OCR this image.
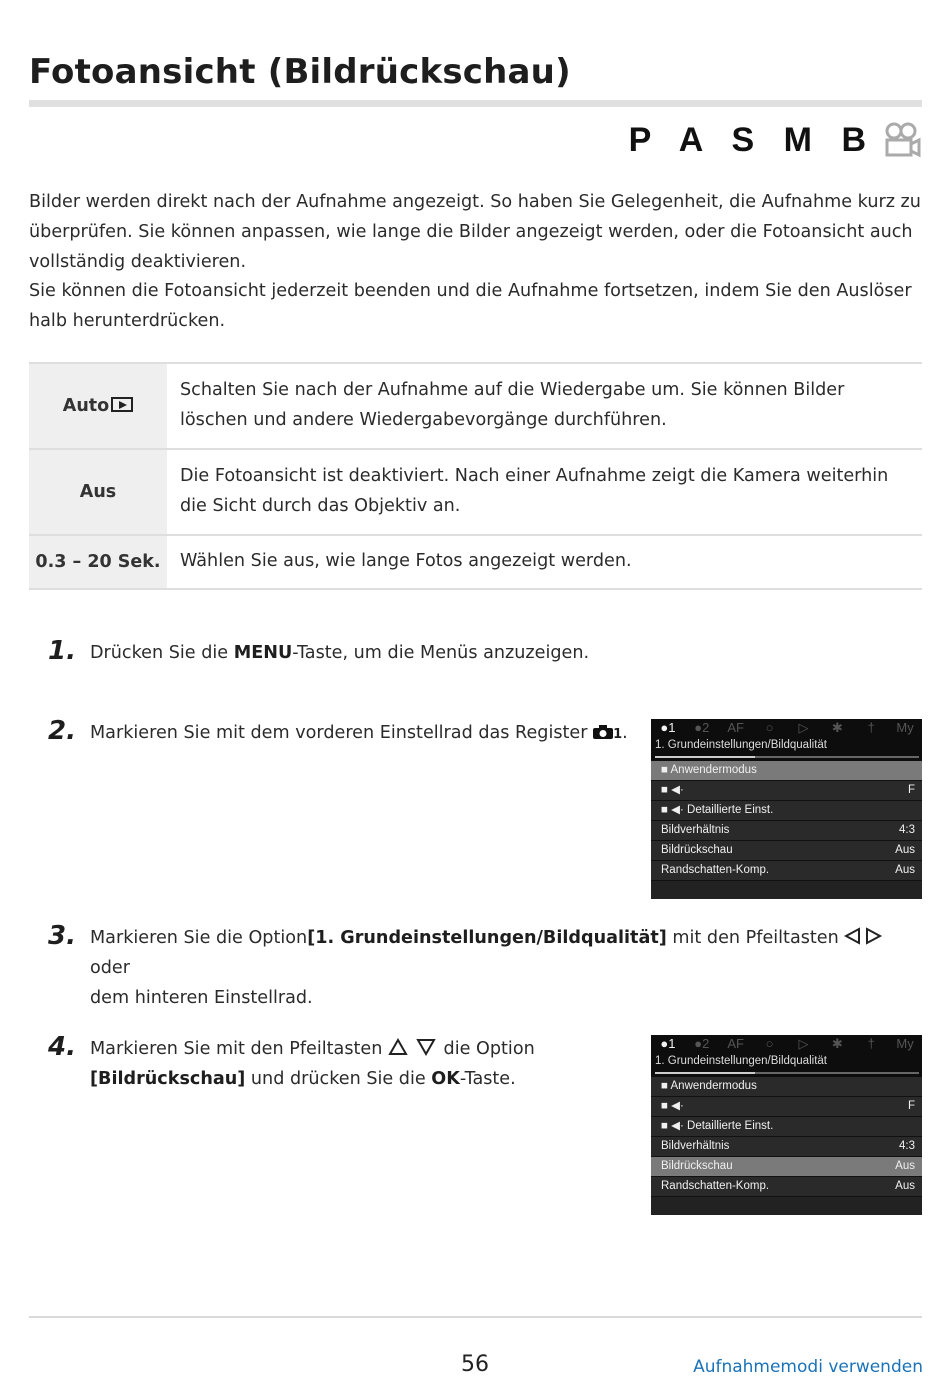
Fotoansicht (Bildrückschau)
P A S M B

Bilder werden direkt nach der Aufnahme angezeigt. So haben Sie Gelegenheit, die Aufnahme kurz zu überprüfen. Sie können anpassen, wie lange die Bilder angezeigt werden, oder die Fotoansicht auch vollständig deaktivieren.

Sie können die Fotoansicht jederzeit beenden und die Aufnahme fortsetzen, indem Sie den Auslöser halb herunterdrücken.

Auto	Schalten Sie nach der Aufnahme auf die Wiedergabe um. Sie können Bilder löschen und andere Wiedergabevorgänge durchführen.
Aus	Die Fotoansicht ist deaktiviert. Nach einer Aufnahme zeigt die Kamera weiterhin die Sicht durch das Objektiv an.
0.3 – 20 Sek.	Wählen Sie aus, wie lange Fotos angezeigt werden.
1. Drücken Sie die MENU-Taste, um die Menüs anzuzeigen.
2. Markieren Sie mit dem vorderen Einstellrad das Register 1.	●1	●2	AF	○	▷	✱	†	My
1. Grundeinstellungen/Bildqualität
■ Anwendermodus
■ ◀·	F
■ ◀· Detaillierte Einst.
Bildverhältnis	4:3
Bildrückschau	Aus
Randschatten-Komp.	Aus
3. Markieren Sie die Option[1. Grundeinstellungen/Bildqualität] mit den Pfeiltasten  oder
dem hinteren Einstellrad.
4. Markieren Sie mit den Pfeiltasten	die Option
[Bildrückschau] und drücken Sie die OK-Taste.
●1	●2	AF	○	▷	✱	†	My
1. Grundeinstellungen/Bildqualität
■ Anwendermodus
■ ◀·	F
■ ◀· Detaillierte Einst.
Bildverhältnis	4:3
Bildrückschau	Aus
Randschatten-Komp.	Aus
56	Aufnahmemodi verwenden
